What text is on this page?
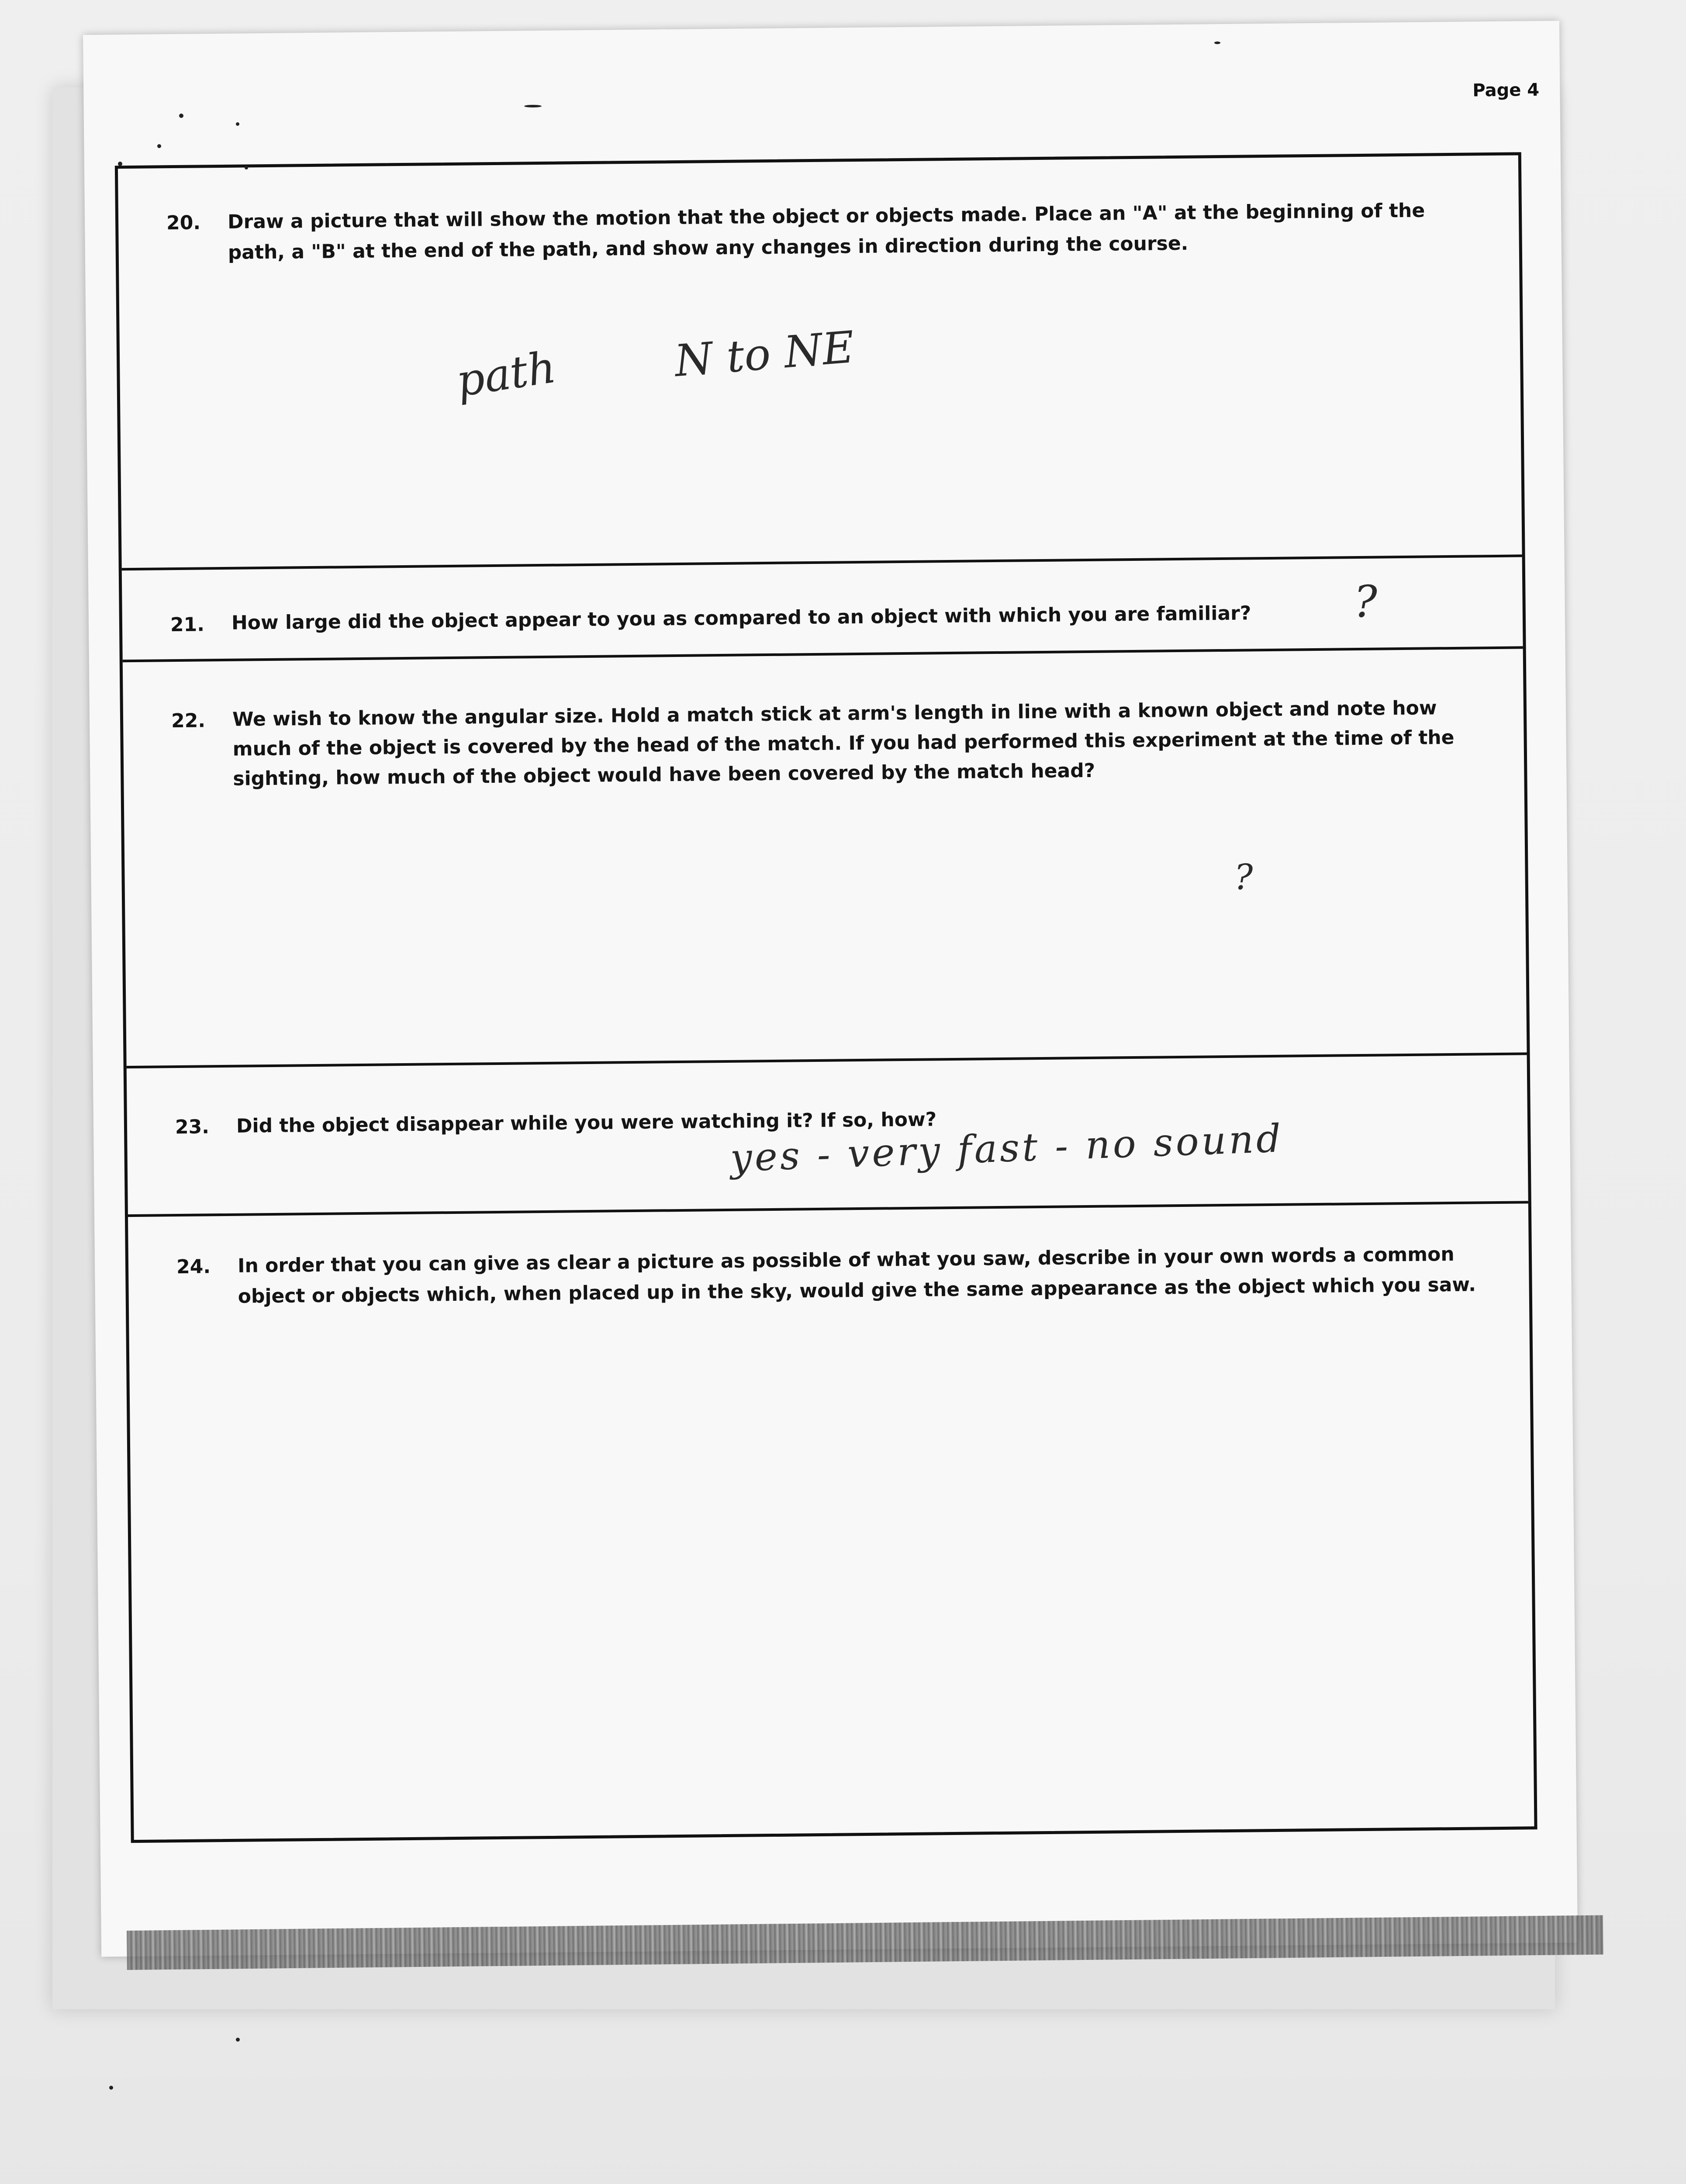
Page 4
20. Draw a picture that will show the motion that the object or objects made. Place an "A" at the beginning of the path, a "B" at the end of the path, and show any changes in direction during the course.
path	N to NE
21. How large did the object appear to you as compared to an object with which you are familiar?	?
22. We wish to know the angular size. Hold a match stick at arm's length in line with a known object and note how much of the object is covered by the head of the match. If you had performed this experiment at the time of the sighting, how much of the object would have been covered by the match head?
?
23. Did the object disappear while you were watching it? If so, how?
yes - very fast - no sound
24. In order that you can give as clear a picture as possible of what you saw, describe in your own words a common object or objects which, when placed up in the sky, would give the same appearance as the object which you saw.
